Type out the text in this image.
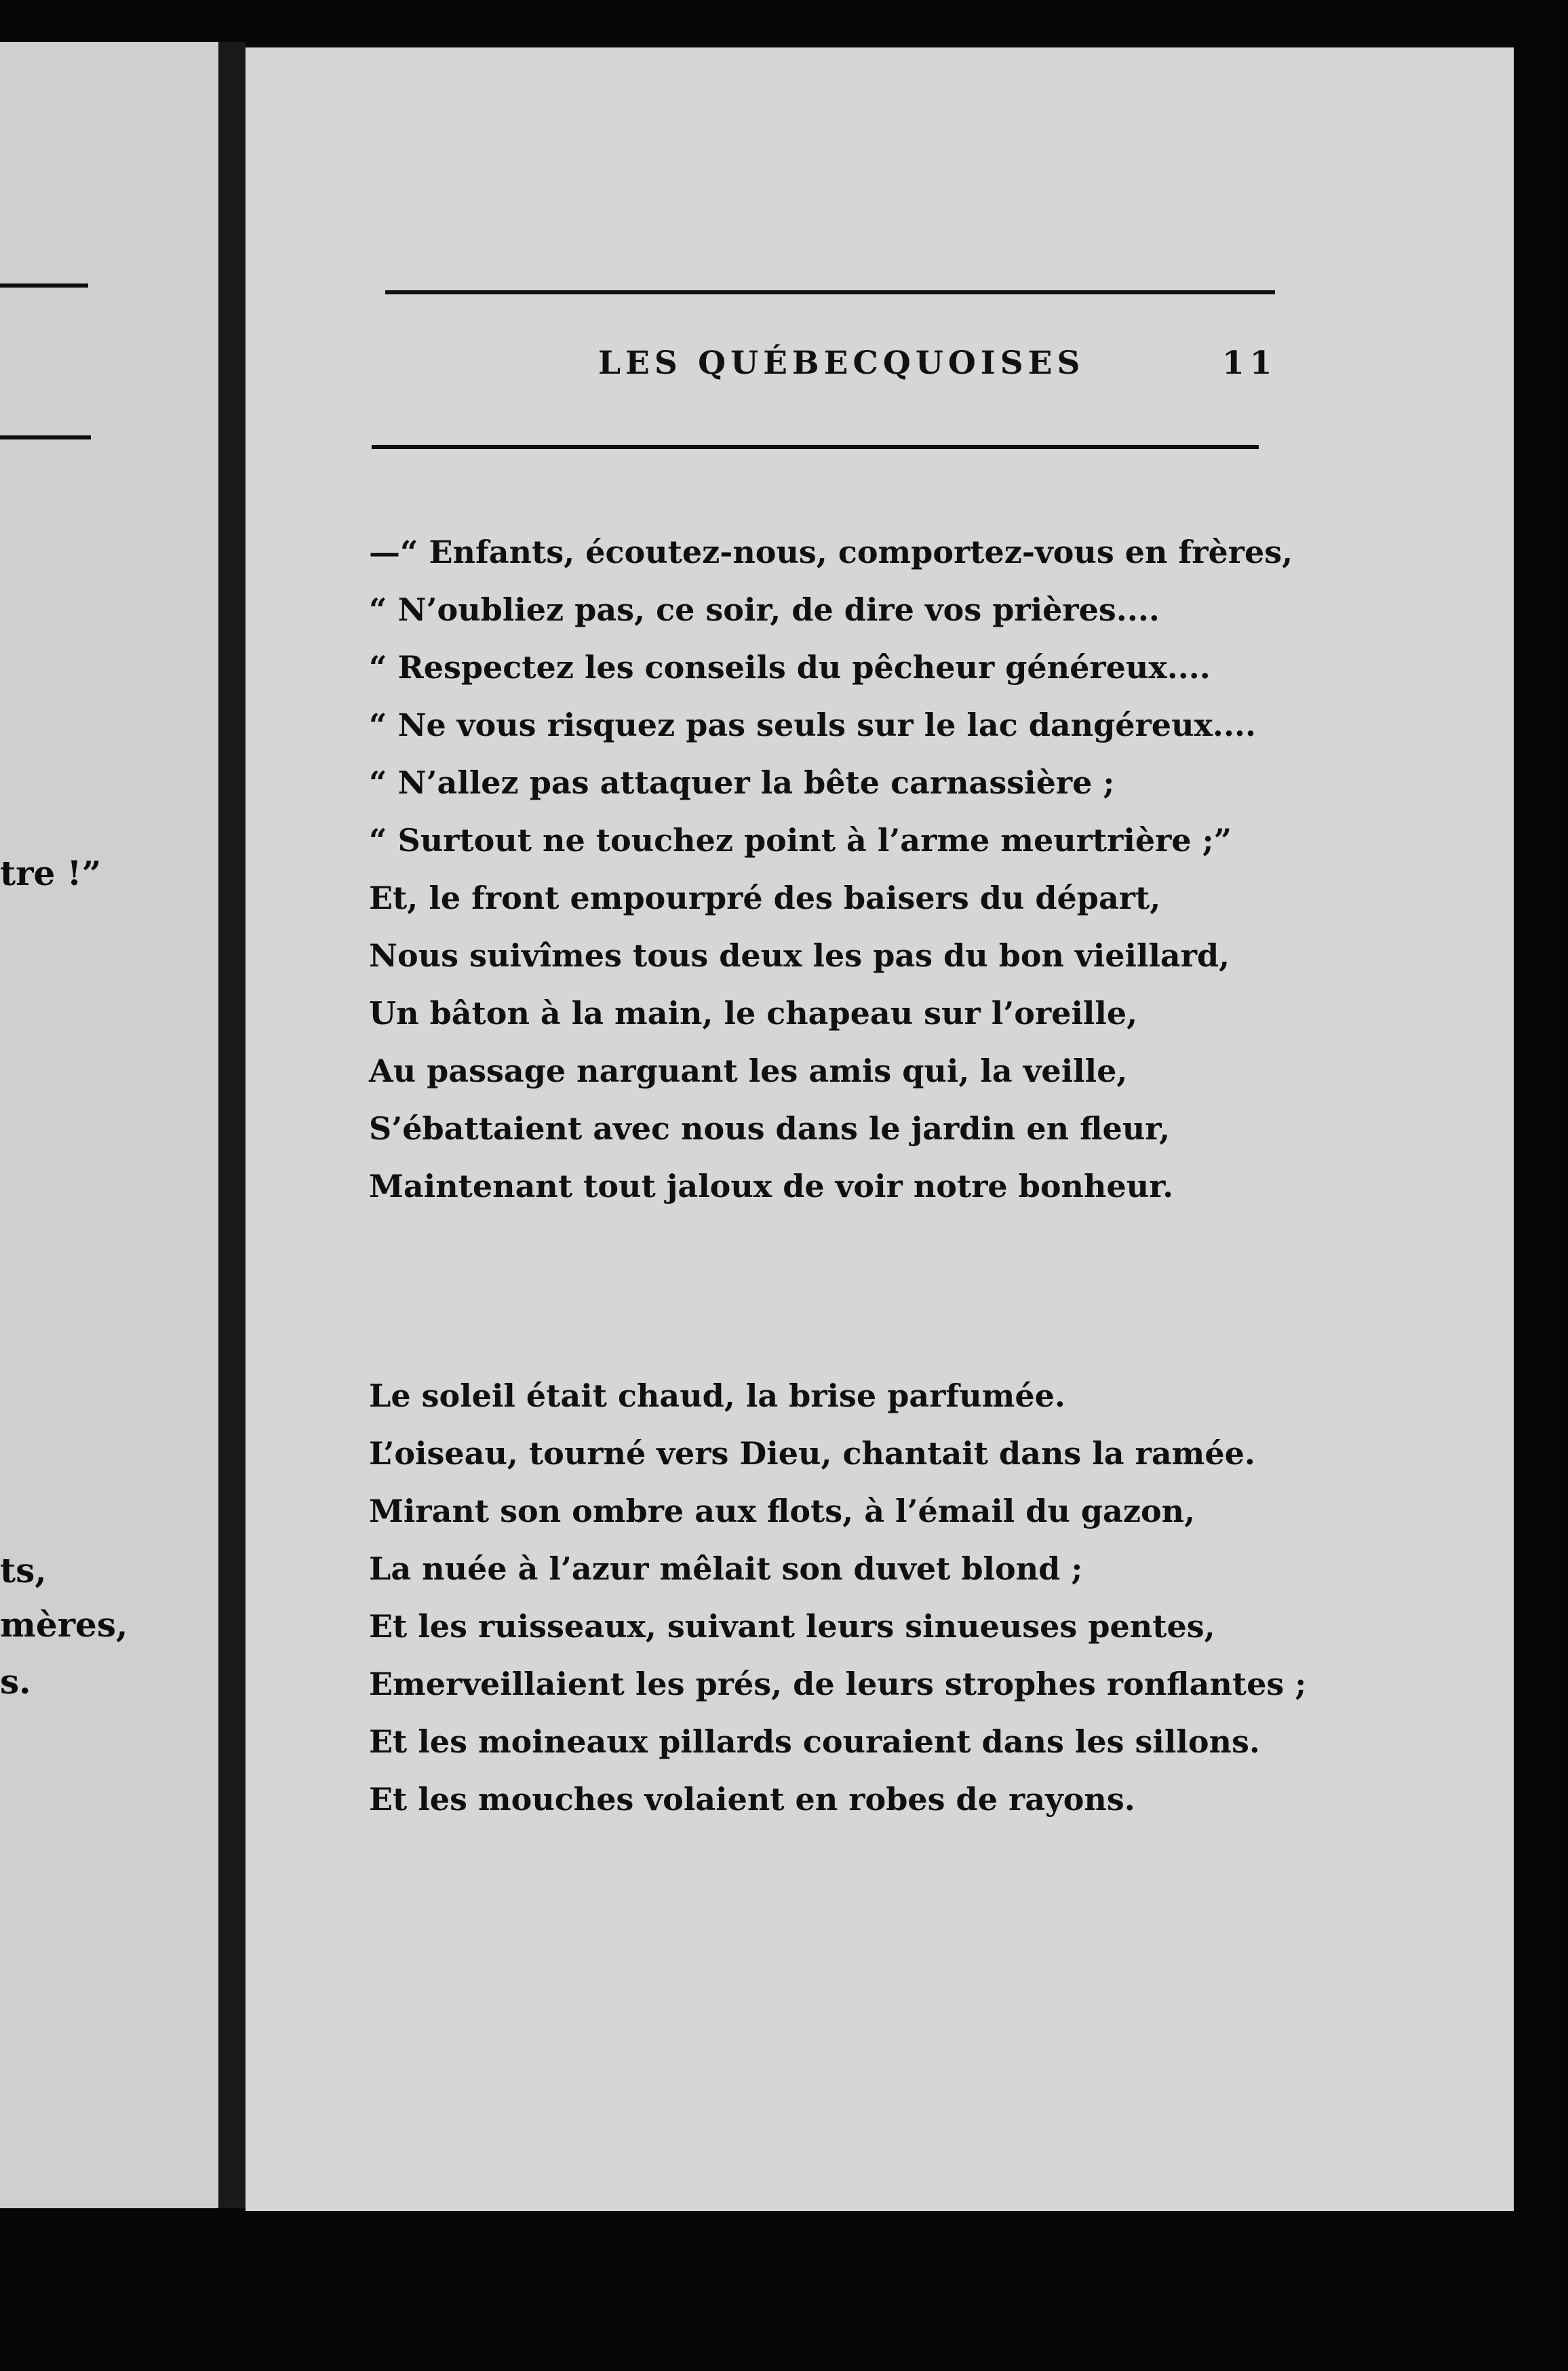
tre !”
ts,
mères,
s.
LES QUÉBECQUOISES	11
—“ Enfants, écoutez-nous, comportez-vous en frères,
“ N’oubliez pas, ce soir, de dire vos prières....
“ Respectez les conseils du pêcheur généreux....
“ Ne vous risquez pas seuls sur le lac dangéreux....
“ N’allez pas attaquer la bête carnassière ;
“ Surtout ne touchez point à l’arme meurtrière ;”
Et, le front empourpré des baisers du départ,
Nous suivîmes tous deux les pas du bon vieillard,
Un bâton à la main, le chapeau sur l’oreille,
Au passage narguant les amis qui, la veille,
S’ébattaient avec nous dans le jardin en fleur,
Maintenant tout jaloux de voir notre bonheur.
Le soleil était chaud, la brise parfumée.
L’oiseau, tourné vers Dieu, chantait dans la ramée.
Mirant son ombre aux flots, à l’émail du gazon,
La nuée à l’azur mêlait son duvet blond ;
Et les ruisseaux, suivant leurs sinueuses pentes,
Emerveillaient les prés, de leurs strophes ronflantes ;
Et les moineaux pillards couraient dans les sillons.
Et les mouches volaient en robes de rayons.
